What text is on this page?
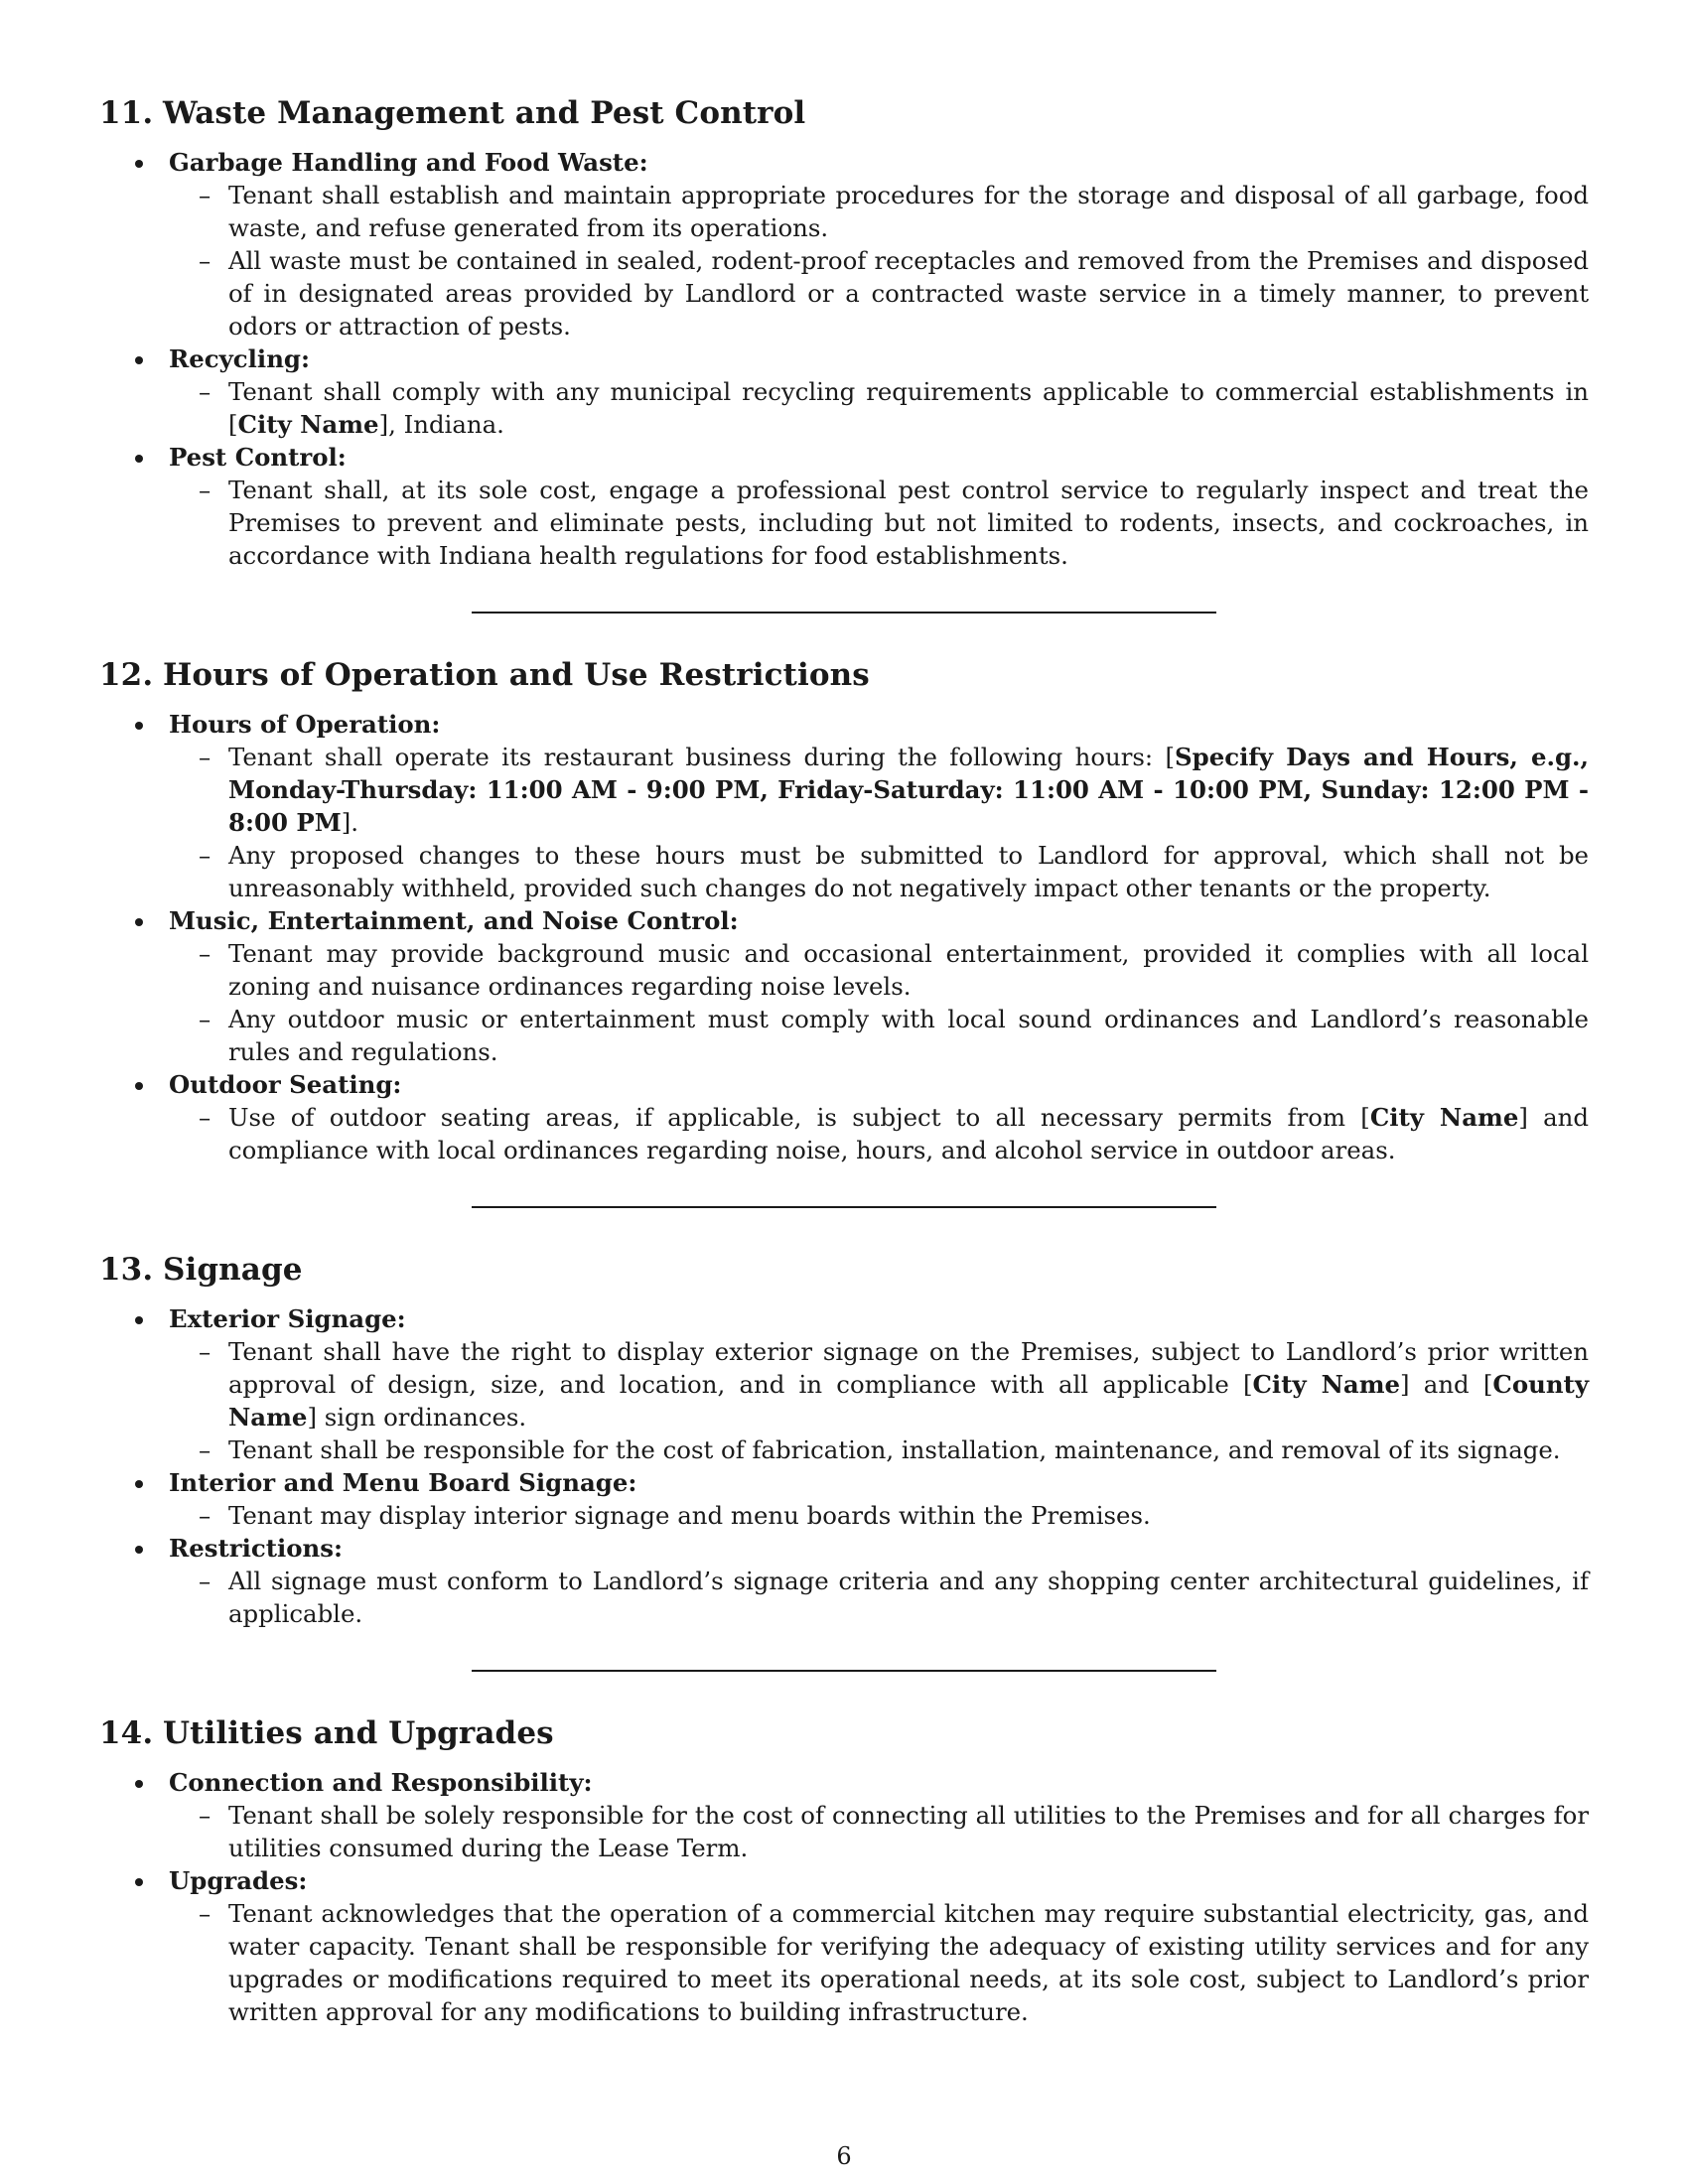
11. Waste Management and Pest Control
Garbage Handling and Food Waste:
– Tenant shall establish and maintain appropriate procedures for the storage and disposal of all garbage, food waste, and refuse generated from its operations.
– All waste must be contained in sealed, rodent-proof receptacles and removed from the Premises and disposed of in designated areas provided by Landlord or a contracted waste service in a timely manner, to prevent odors or attraction of pests.
Recycling:
– Tenant shall comply with any municipal recycling requirements applicable to commercial establishments in [City Name], Indiana.
Pest Control:
– Tenant shall, at its sole cost, engage a professional pest control service to regularly inspect and treat the Premises to prevent and eliminate pests, including but not limited to rodents, insects, and cockroaches, in accordance with Indiana health regulations for food establishments.
12. Hours of Operation and Use Restrictions
Hours of Operation:
– Tenant shall operate its restaurant business during the following hours: [Specify Days and Hours, e.g., Monday-Thursday: 11:00 AM - 9:00 PM, Friday-Saturday: 11:00 AM - 10:00 PM, Sunday: 12:00 PM - 8:00 PM].
– Any proposed changes to these hours must be submitted to Landlord for approval, which shall not be unreasonably withheld, provided such changes do not negatively impact other tenants or the property.
Music, Entertainment, and Noise Control:
– Tenant may provide background music and occasional entertainment, provided it complies with all local zoning and nuisance ordinances regarding noise levels.
– Any outdoor music or entertainment must comply with local sound ordinances and Landlord’s reasonable rules and regulations.
Outdoor Seating:
– Use of outdoor seating areas, if applicable, is subject to all necessary permits from [City Name] and compliance with local ordinances regarding noise, hours, and alcohol service in outdoor areas.
13. Signage
Exterior Signage:
– Tenant shall have the right to display exterior signage on the Premises, subject to Landlord’s prior written approval of design, size, and location, and in compliance with all applicable [City Name] and [County Name] sign ordinances.
– Tenant shall be responsible for the cost of fabrication, installation, maintenance, and removal of its signage.
Interior and Menu Board Signage:
– Tenant may display interior signage and menu boards within the Premises.
Restrictions:
– All signage must conform to Landlord’s signage criteria and any shopping center architectural guidelines, if applicable.
14. Utilities and Upgrades
Connection and Responsibility:
– Tenant shall be solely responsible for the cost of connecting all utilities to the Premises and for all charges for utilities consumed during the Lease Term.
Upgrades:
– Tenant acknowledges that the operation of a commercial kitchen may require substantial electricity, gas, and water capacity. Tenant shall be responsible for verifying the adequacy of existing utility services and for any upgrades or modifications required to meet its operational needs, at its sole cost, subject to Landlord’s prior written approval for any modifications to building infrastructure.
6
